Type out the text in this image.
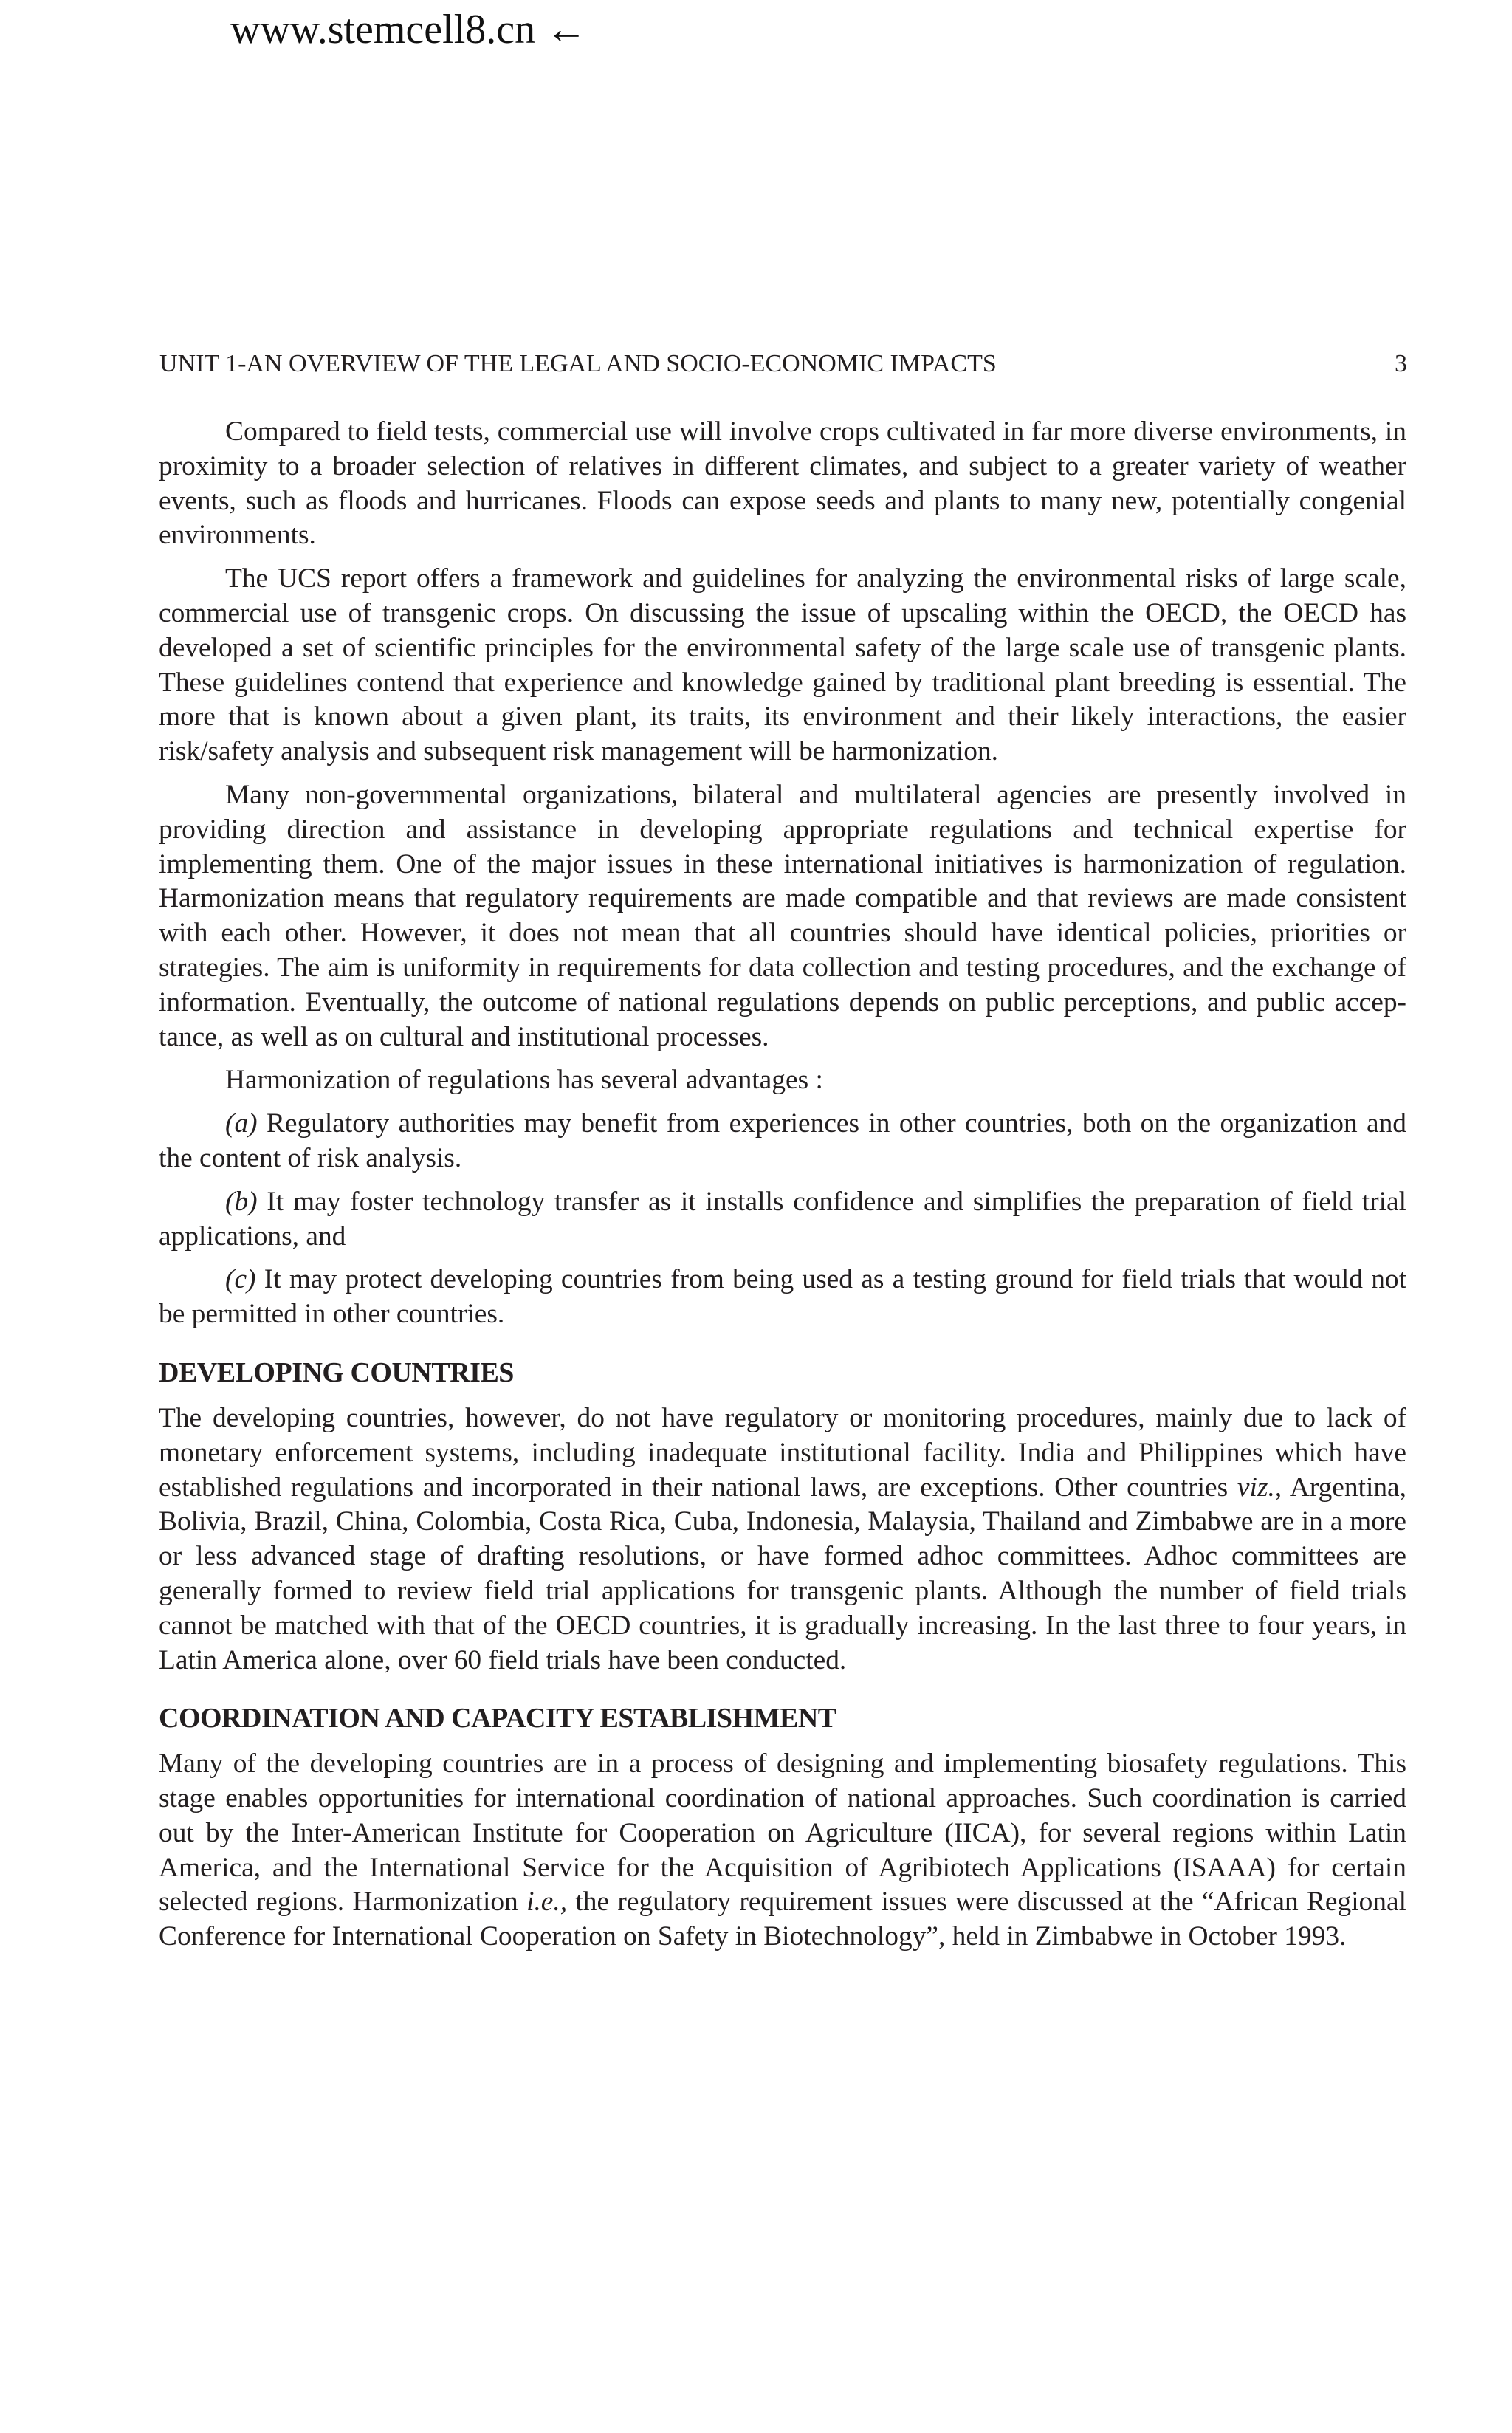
www.stemcell8.cn ←
UNIT 1-AN OVERVIEW OF THE LEGAL AND SOCIO-ECONOMIC IMPACTS	3

Compared to field tests, commercial use will involve crops cultivated in far more diverse environments, in proximity to a broader selection of relatives in different climates, and subject to a greater variety of weather events, such as floods and hurricanes. Floods can expose seeds and plants to many new, potentially congenial environments.

The UCS report offers a framework and guidelines for analyzing the environmental risks of large scale, commercial use of transgenic crops. On discussing the issue of upscaling within the OECD, the OECD has developed a set of scientific principles for the environmental safety of the large scale use of transgenic plants. These guidelines contend that experience and knowledge gained by traditional plant breeding is essential. The more that is known about a given plant, its traits, its environment and their likely interactions, the easier risk/safety analysis and subsequent risk management will be harmonization.

Many non-governmental organizations, bilateral and multilateral agencies are presently involved in providing direction and assistance in developing appropriate regulations and technical expertise for implementing them. One of the major issues in these international initiatives is harmonization of regulation. Harmonization means that regulatory requirements are made compatible and that reviews are made consistent with each other. However, it does not mean that all countries should have identical policies, priorities or strategies. The aim is uniformity in requirements for data collection and testing procedures, and the exchange of information. Eventually, the outcome of national regulations depends on public perceptions, and public acceptance, as well as on cultural and institutional processes.

Harmonization of regulations has several advantages :

(a) Regulatory authorities may benefit from experiences in other countries, both on the organization and the content of risk analysis.

(b) It may foster technology transfer as it installs confidence and simplifies the preparation of field trial applications, and

(c) It may protect developing countries from being used as a testing ground for field trials that would not be permitted in other countries.

DEVELOPING COUNTRIES

The developing countries, however, do not have regulatory or monitoring procedures, mainly due to lack of monetary enforcement systems, including inadequate institutional facility. India and Philippines which have established regulations and incorporated in their national laws, are exceptions. Other countries viz., Argentina, Bolivia, Brazil, China, Colombia, Costa Rica, Cuba, Indonesia, Malaysia, Thailand and Zimbabwe are in a more or less advanced stage of drafting resolutions, or have formed adhoc committees. Adhoc committees are generally formed to review field trial applications for transgenic plants. Although the number of field trials cannot be matched with that of the OECD countries, it is gradually increasing. In the last three to four years, in Latin America alone, over 60 field trials have been conducted.

COORDINATION AND CAPACITY ESTABLISHMENT

Many of the developing countries are in a process of designing and implementing biosafety regulations. This stage enables opportunities for international coordination of national approaches. Such coordination is carried out by the Inter-American Institute for Cooperation on Agriculture (IICA), for several regions within Latin America, and the International Service for the Acquisition of Agribiotech Applications (ISAAA) for certain selected regions. Harmonization i.e., the regulatory requirement issues were discussed at the “African Regional Conference for International Cooperation on Safety in Biotechnology”, held in Zimbabwe in October 1993.
